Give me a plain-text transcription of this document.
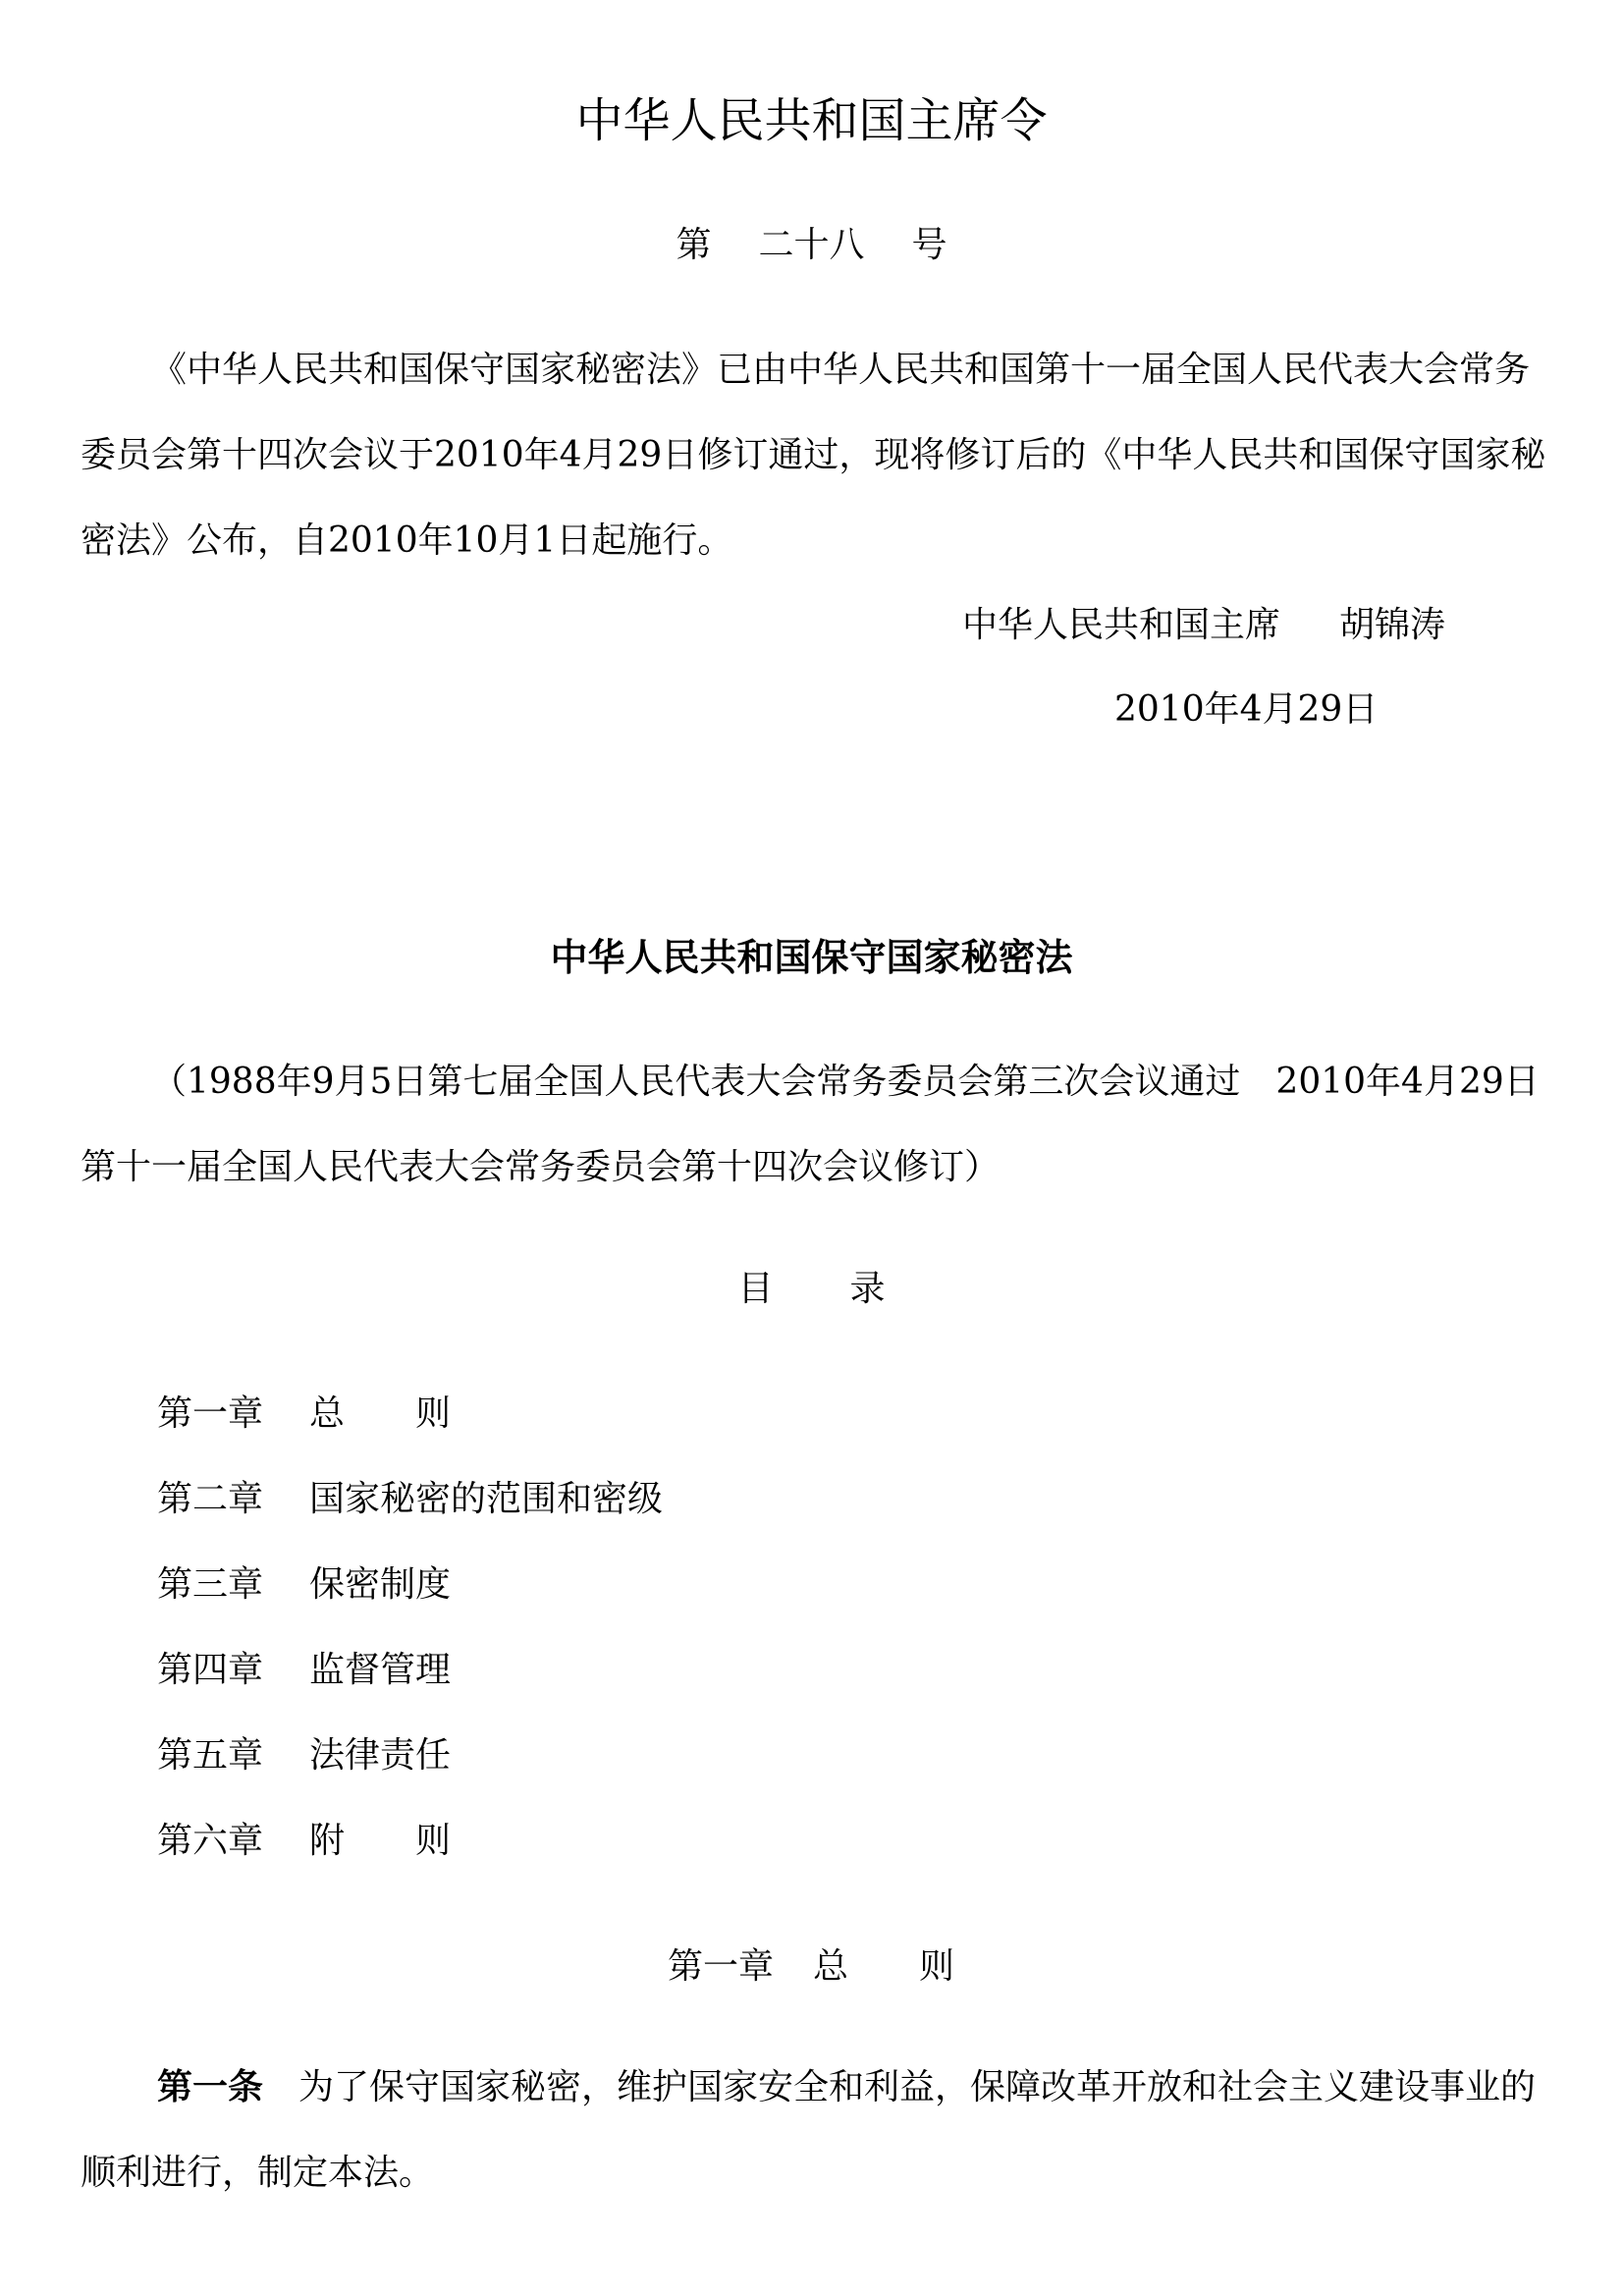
中华人民共和国主席令
第 二十八 号
《中华人民共和国保守国家秘密法》已由中华人民共和国第十一届全国人民代表大会常务委员会第十四次会议于2010年4月29日修订通过，现将修订后的《中华人民共和国保守国家秘密法》公布，自2010年10月1日起施行。
中华人民共和国主席 胡锦涛
2010年4月29日
中华人民共和国保守国家秘密法
（1988年9月5日第七届全国人民代表大会常务委员会第三次会议通过　2010年4月29日第十一届全国人民代表大会常务委员会第十四次会议修订）
目 录
第一章 总　　则
第二章 国家秘密的范围和密级
第三章 保密制度
第四章 监督管理
第五章 法律责任
第六章 附　　则
第一章 总　　则
第一条 为了保守国家秘密，维护国家安全和利益，保障改革开放和社会主义建设事业的顺利进行，制定本法。
